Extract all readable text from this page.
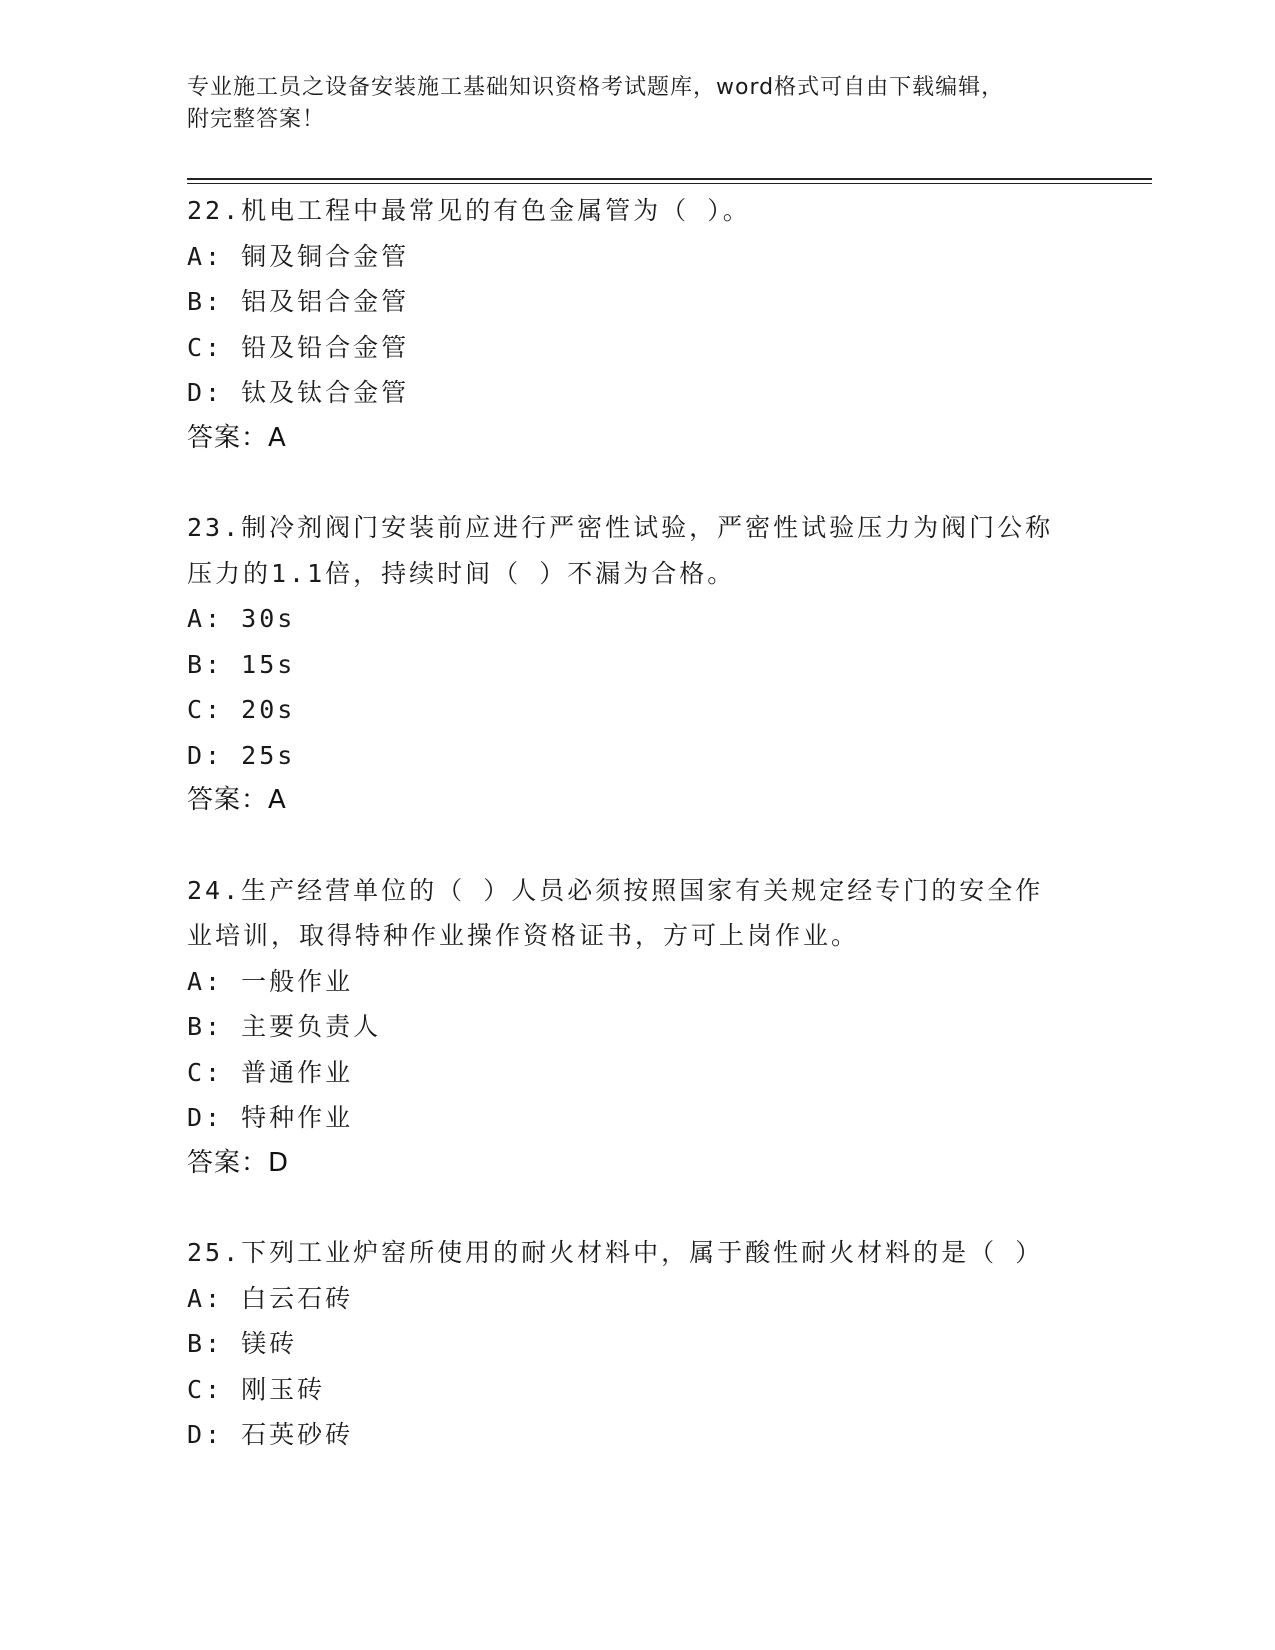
专业施工员之设备安装施工基础知识资格考试题库，word格式可自由下载编辑，
附完整答案！
22.机电工程中最常见的有色金属管为（ ）。
A: 铜及铜合金管
B: 铝及铝合金管
C: 铅及铅合金管
D: 钛及钛合金管
答案：A
23.制冷剂阀门安装前应进行严密性试验，严密性试验压力为阀门公称
压力的1.1倍，持续时间（ ）不漏为合格。
A: 30s
B: 15s
C: 20s
D: 25s
答案：A
24.生产经营单位的（ ）人员必须按照国家有关规定经专门的安全作
业培训，取得特种作业操作资格证书，方可上岗作业。
A: 一般作业
B: 主要负责人
C: 普通作业
D: 特种作业
答案：D
25.下列工业炉窑所使用的耐火材料中，属于酸性耐火材料的是（ ）
A: 白云石砖
B: 镁砖
C: 刚玉砖
D: 石英砂砖
